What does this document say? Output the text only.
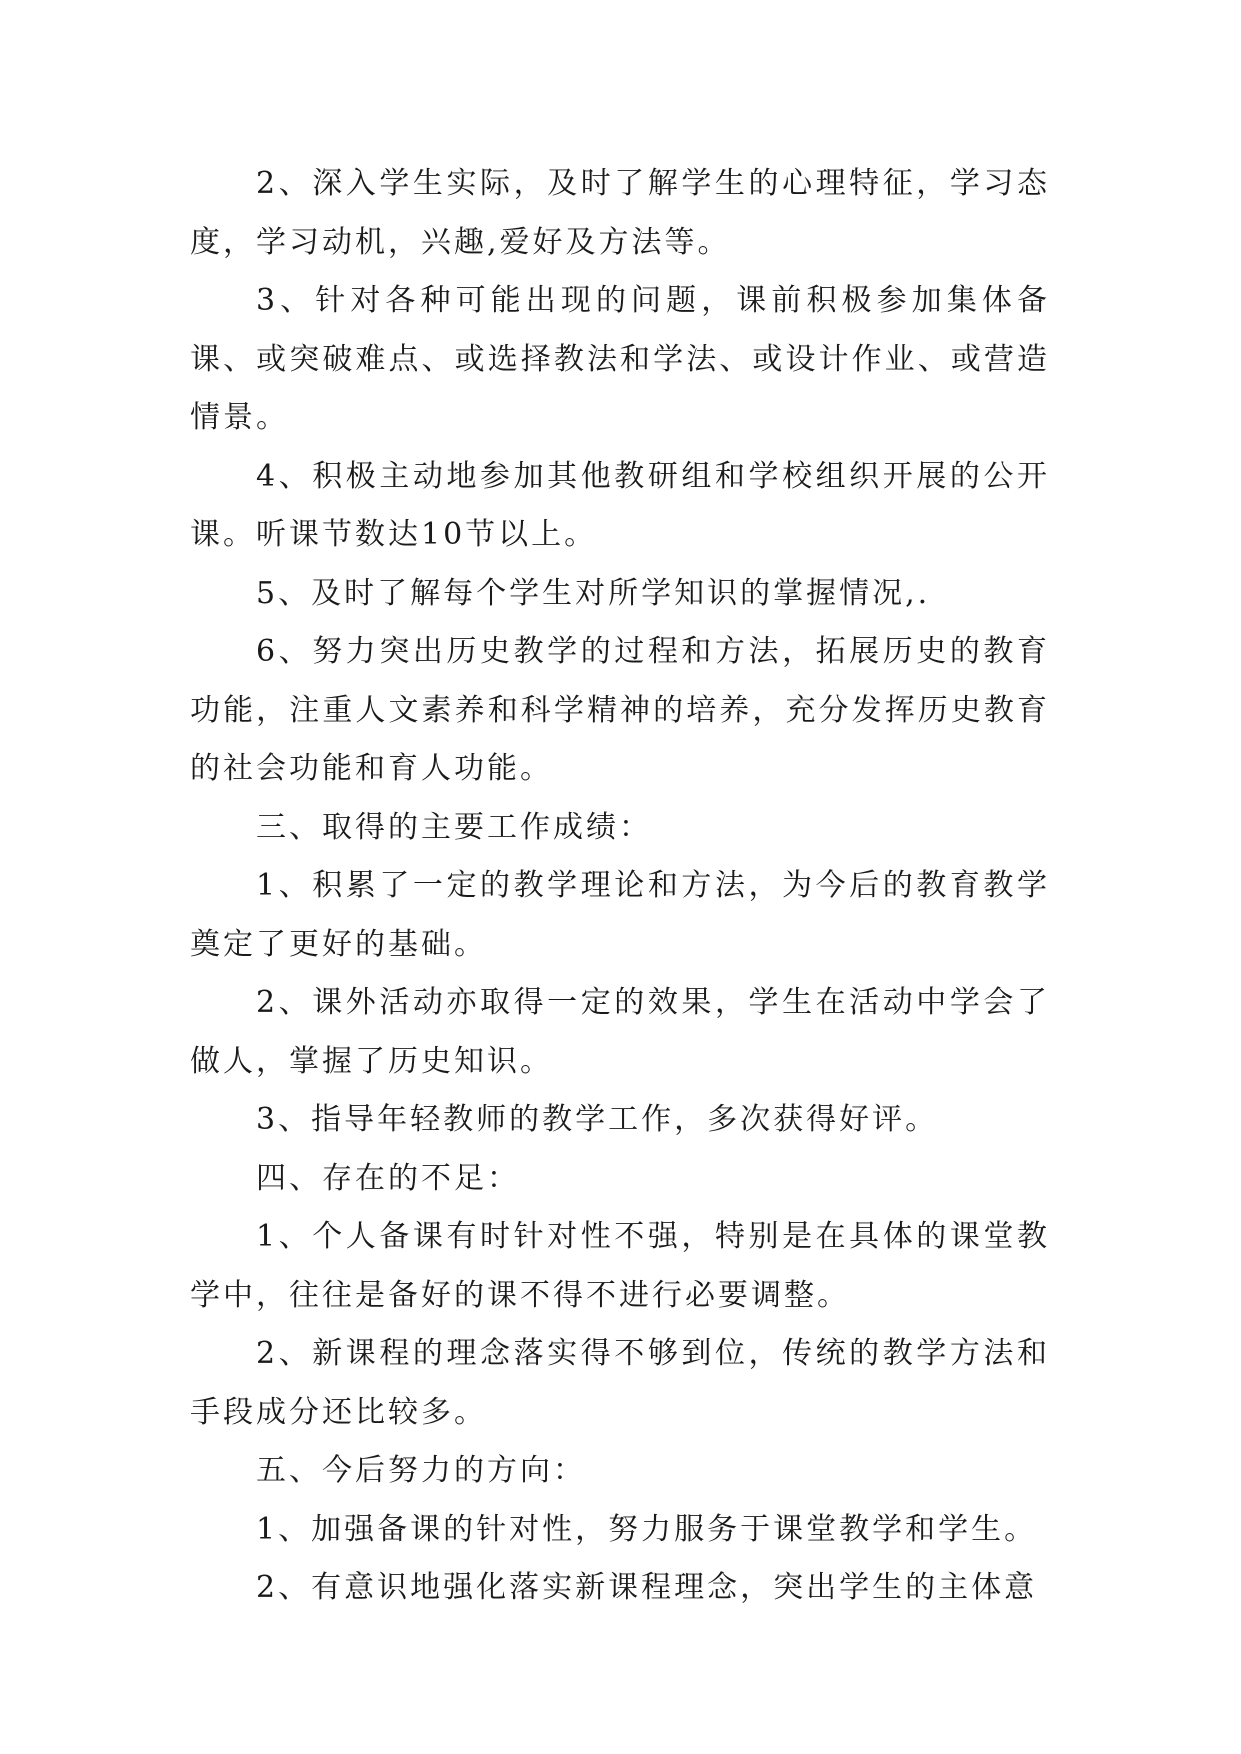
2、深入学生实际，及时了解学生的心理特征，学习态度，学习动机，兴趣,爱好及方法等。

3、针对各种可能出现的问题，课前积极参加集体备课、或突破难点、或选择教法和学法、或设计作业、或营造情景。

4、积极主动地参加其他教研组和学校组织开展的公开课。听课节数达10节以上。

5、及时了解每个学生对所学知识的掌握情况,.

6、努力突出历史教学的过程和方法，拓展历史的教育功能，注重人文素养和科学精神的培养，充分发挥历史教育的社会功能和育人功能。

三、取得的主要工作成绩：

1、积累了一定的教学理论和方法，为今后的教育教学奠定了更好的基础。

2、课外活动亦取得一定的效果，学生在活动中学会了做人，掌握了历史知识。

3、指导年轻教师的教学工作，多次获得好评。

四、存在的不足：

1、个人备课有时针对性不强，特别是在具体的课堂教学中，往往是备好的课不得不进行必要调整。

2、新课程的理念落实得不够到位，传统的教学方法和手段成分还比较多。

五、今后努力的方向：

1、加强备课的针对性，努力服务于课堂教学和学生。

2、有意识地强化落实新课程理念，突出学生的主体意
